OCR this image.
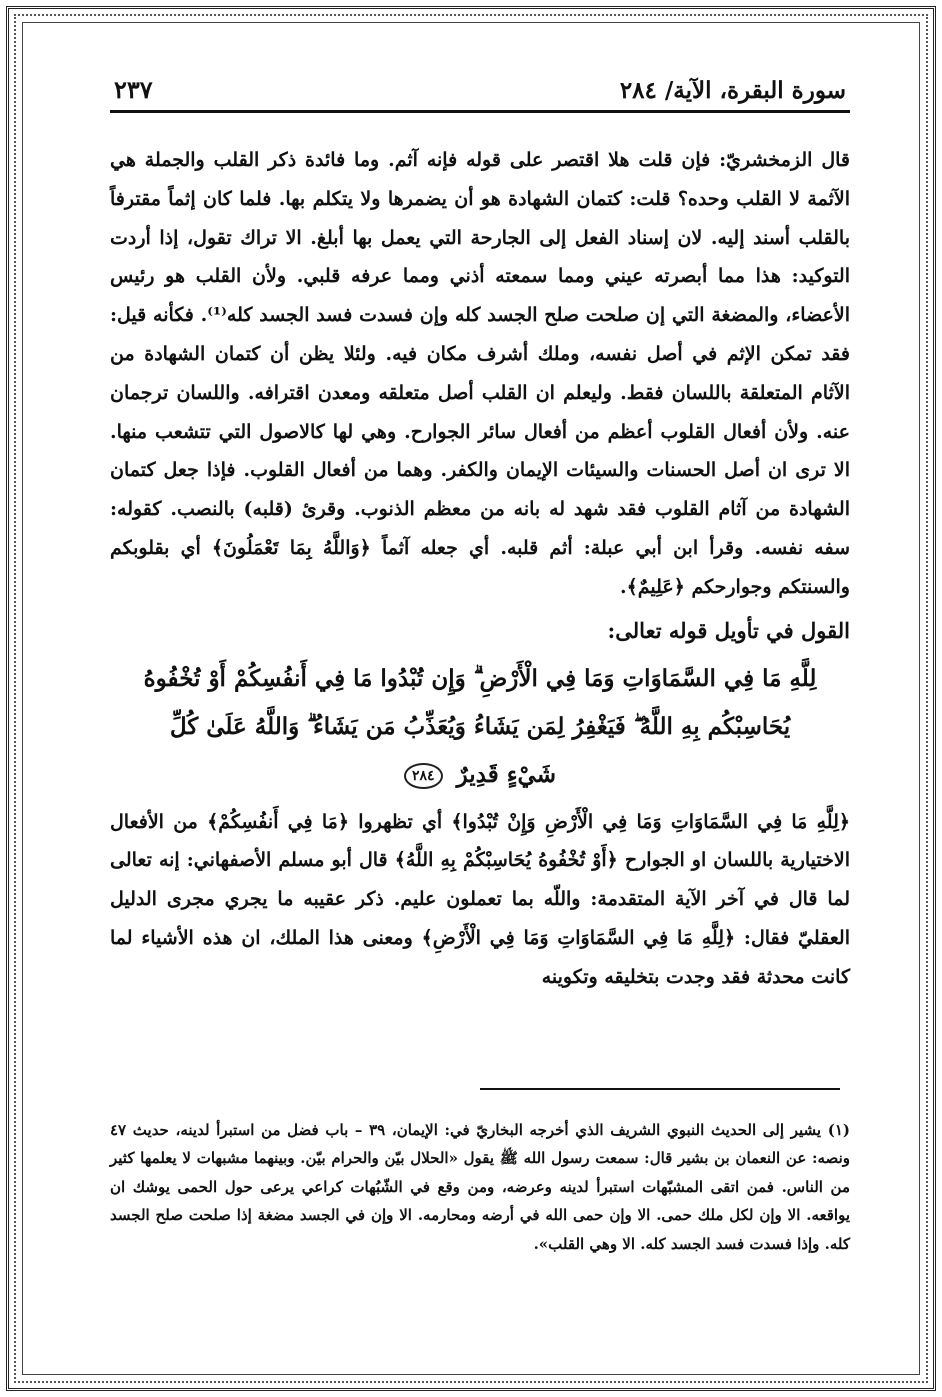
سورة البقرة، الآية/ ٢٨٤
٢٣٧

قال الزمخشريّ: فإن قلت هلا اقتصر على قوله فإنه آثم. وما فائدة ذكر القلب والجملة هي الآثمة لا القلب وحده؟ قلت: كتمان الشهادة هو أن يضمرها ولا يتكلم بها. فلما كان إثماً مقترفاً بالقلب أسند إليه. لان إسناد الفعل إلى الجارحة التي يعمل بها أبلغ. الا تراك تقول، إذا أردت التوكيد: هذا مما أبصرته عيني ومما سمعته أذني ومما عرفه قلبي. ولأن القلب هو رئيس الأعضاء، والمضغة التي إن صلحت صلح الجسد كله وإن فسدت فسد الجسد كله⁽¹⁾. فكأنه قيل: فقد تمكن الإثم في أصل نفسه، وملك أشرف مكان فيه. ولئلا يظن أن كتمان الشهادة من الآثام المتعلقة باللسان فقط. وليعلم ان القلب أصل متعلقه ومعدن اقترافه. واللسان ترجمان عنه. ولأن أفعال القلوب أعظم من أفعال سائر الجوارح. وهي لها كالاصول التي تتشعب منها. الا ترى ان أصل الحسنات والسيئات الإيمان والكفر. وهما من أفعال القلوب. فإذا جعل كتمان الشهادة من آثام القلوب فقد شهد له بانه من معظم الذنوب. وقرئ (قلبه) بالنصب. كقوله: سفه نفسه. وقرأ ابن أبي عبلة: أثم قلبه. أي جعله آثماً ﴿وَاللَّهُ بِمَا تَعْمَلُونَ﴾ أي بقلوبكم والسنتكم وجوارحكم ﴿عَلِيمٌ﴾.

القول في تأويل قوله تعالى:
لِلَّهِ مَا فِي السَّمَاوَاتِ وَمَا فِي الْأَرْضِ ۗ وَإِن تُبْدُوا مَا فِي أَنفُسِكُمْ أَوْ تُخْفُوهُ
يُحَاسِبْكُم بِهِ اللَّهُ ۖ فَيَغْفِرُ لِمَن يَشَاءُ وَيُعَذِّبُ مَن يَشَاءُ ۗ وَاللَّهُ عَلَىٰ كُلِّ
شَيْءٍ قَدِيرٌ ٢٨٤

﴿لِلَّهِ مَا فِي السَّمَاوَاتِ وَمَا فِي الْأَرْضِ وَإِنْ تُبْدُوا﴾ أي تظهروا ﴿مَا فِي أَنفُسِكُمْ﴾ من الأفعال الاختيارية باللسان او الجوارح ﴿أَوْ تُخْفُوهُ يُحَاسِبْكُمْ بِهِ اللَّهُ﴾ قال أبو مسلم الأصفهاني: إنه تعالى لما قال في آخر الآية المتقدمة: واللّه بما تعملون عليم. ذكر عقيبه ما يجري مجرى الدليل العقليّ فقال: ﴿لِلَّهِ مَا فِي السَّمَاوَاتِ وَمَا فِي الْأَرْضِ﴾ ومعنى هذا الملك، ان هذه الأشياء لما كانت محدثة فقد وجدت بتخليقه وتكوينه

(١) يشير إلى الحديث النبوي الشريف الذي أخرجه البخاريّ في: الإيمان، ٣٩ – باب فضل من استبرأ لدينه، حديث ٤٧ ونصه: عن النعمان بن بشير قال: سمعت رسول الله ﷺ يقول «الحلال بيّن والحرام بيّن. وبينهما مشبهات لا يعلمها كثير من الناس. فمن اتقى المشبّهات استبرأ لدينه وعرضه، ومن وقع في الشّبُهات كراعي يرعى حول الحمى يوشك ان يواقعه. الا وإن لكل ملك حمى. الا وإن حمى الله في أرضه ومحارمه. الا وإن في الجسد مضغة إذا صلحت صلح الجسد كله. وإذا فسدت فسد الجسد كله. الا وهي القلب».
